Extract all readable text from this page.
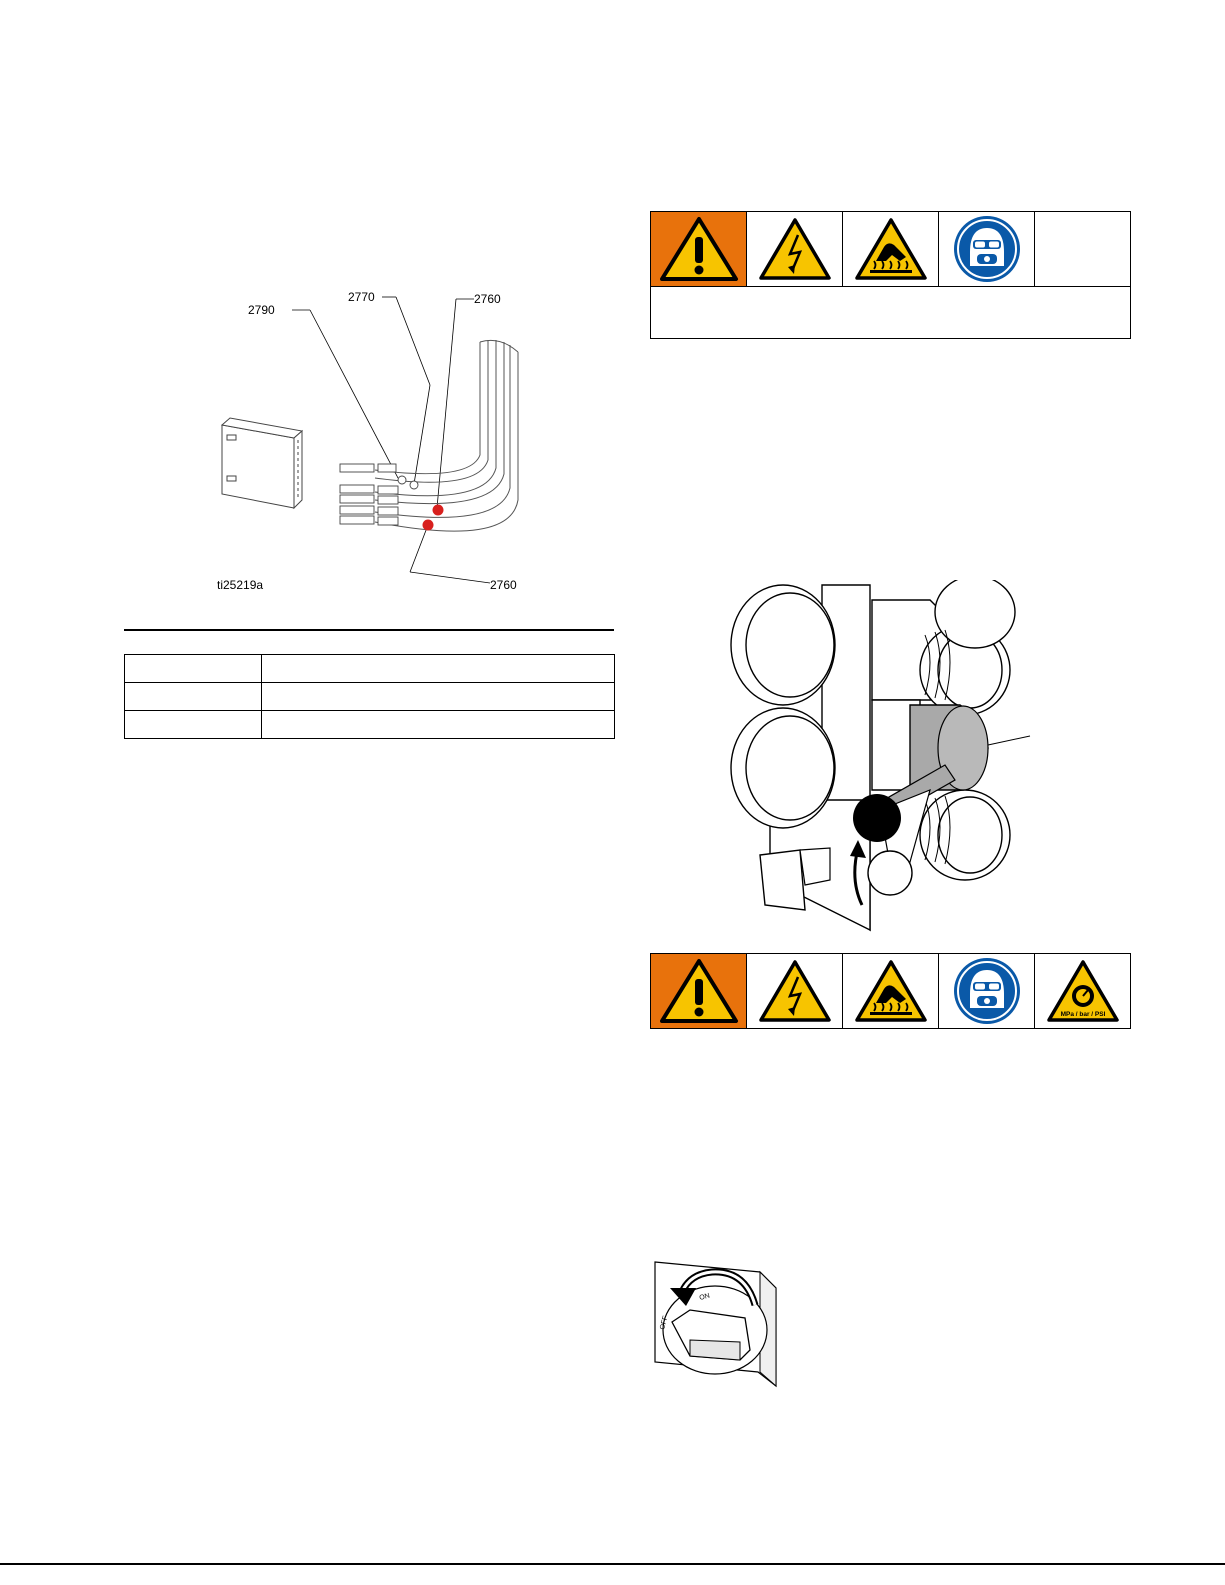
2790
2770	2760
2760
ti25219a

MPa / bar / PSI
ON
OFF
